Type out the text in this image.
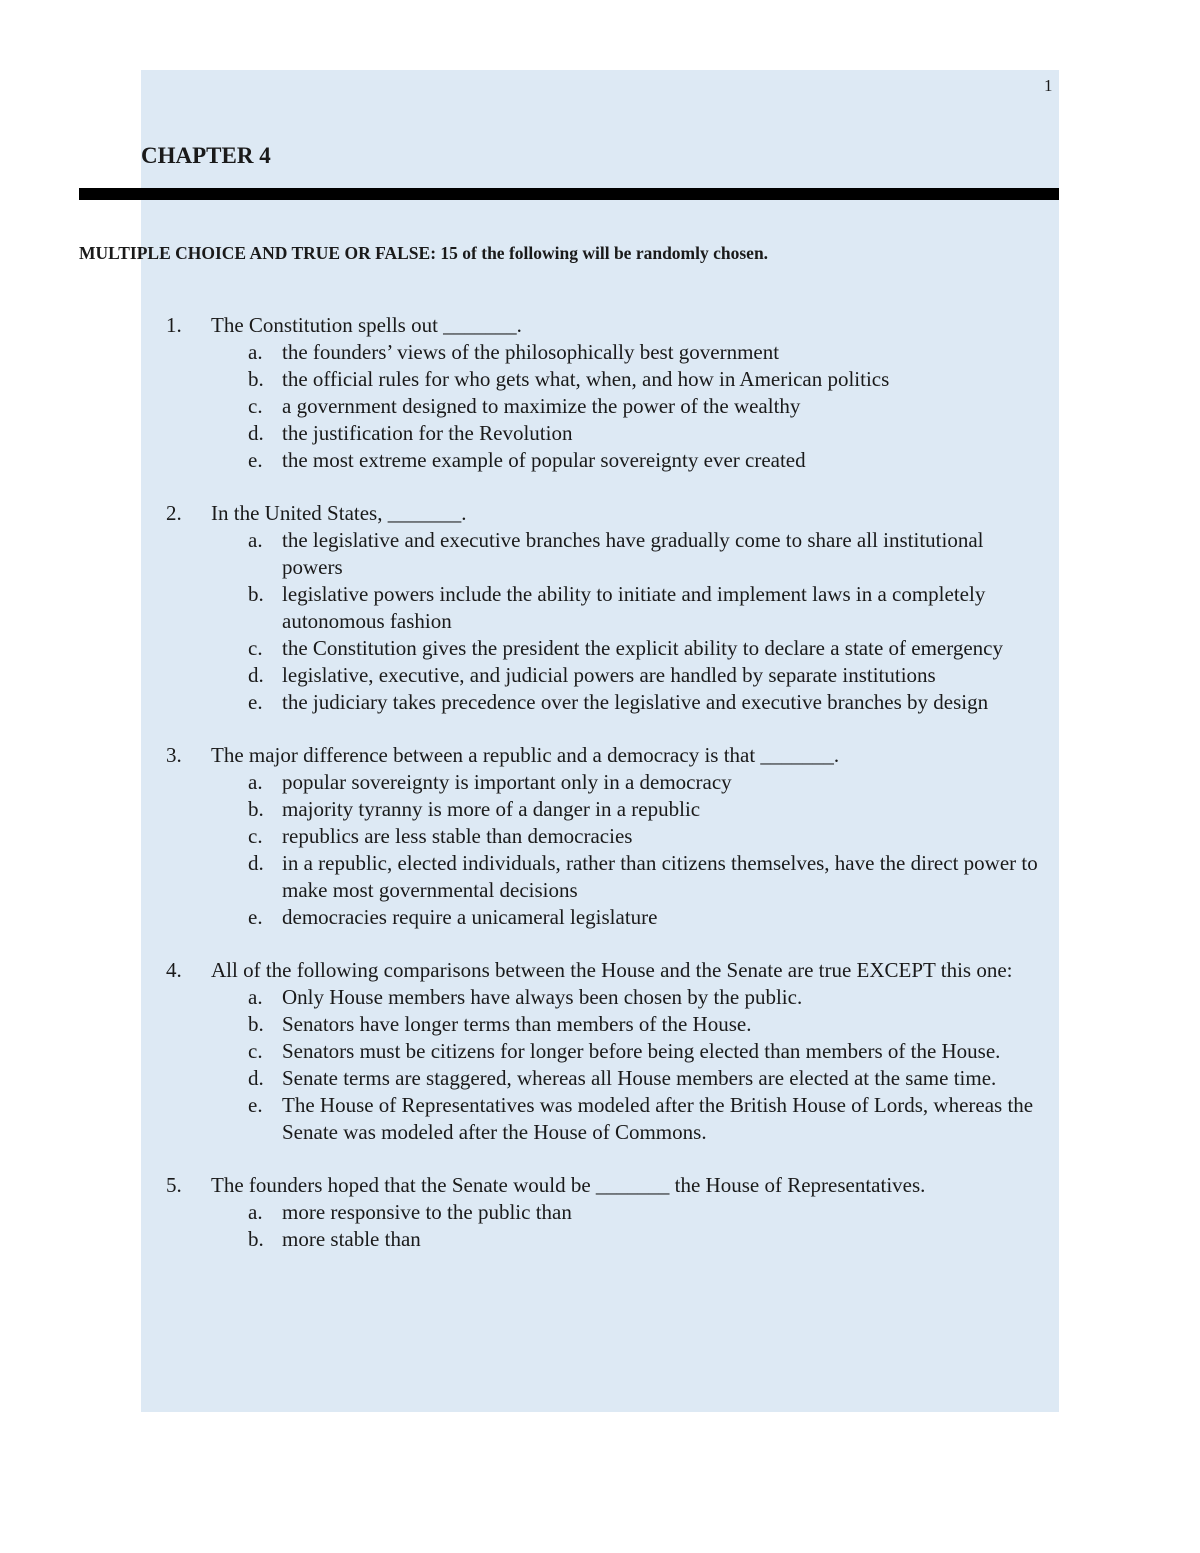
1
CHAPTER 4
MULTIPLE CHOICE AND TRUE OR FALSE: 15 of the following will be randomly chosen.
1. The Constitution spells out _______.
a. the founders’ views of the philosophically best government
b. the official rules for who gets what, when, and how in American politics
c. a government designed to maximize the power of the wealthy
d. the justification for the Revolution
e. the most extreme example of popular sovereignty ever created
2. In the United States, _______.
a. the legislative and executive branches have gradually come to share all institutional powers
b. legislative powers include the ability to initiate and implement laws in a completely autonomous fashion
c. the Constitution gives the president the explicit ability to declare a state of emergency
d. legislative, executive, and judicial powers are handled by separate institutions
e. the judiciary takes precedence over the legislative and executive branches by design
3. The major difference between a republic and a democracy is that _______.
a. popular sovereignty is important only in a democracy
b. majority tyranny is more of a danger in a republic
c. republics are less stable than democracies
d. in a republic, elected individuals, rather than citizens themselves, have the direct power to make most governmental decisions
e. democracies require a unicameral legislature
4. All of the following comparisons between the House and the Senate are true EXCEPT this one:
a. Only House members have always been chosen by the public.
b. Senators have longer terms than members of the House.
c. Senators must be citizens for longer before being elected than members of the House.
d. Senate terms are staggered, whereas all House members are elected at the same time.
e. The House of Representatives was modeled after the British House of Lords, whereas the Senate was modeled after the House of Commons.
5. The founders hoped that the Senate would be _______ the House of Representatives.
a. more responsive to the public than
b. more stable than
